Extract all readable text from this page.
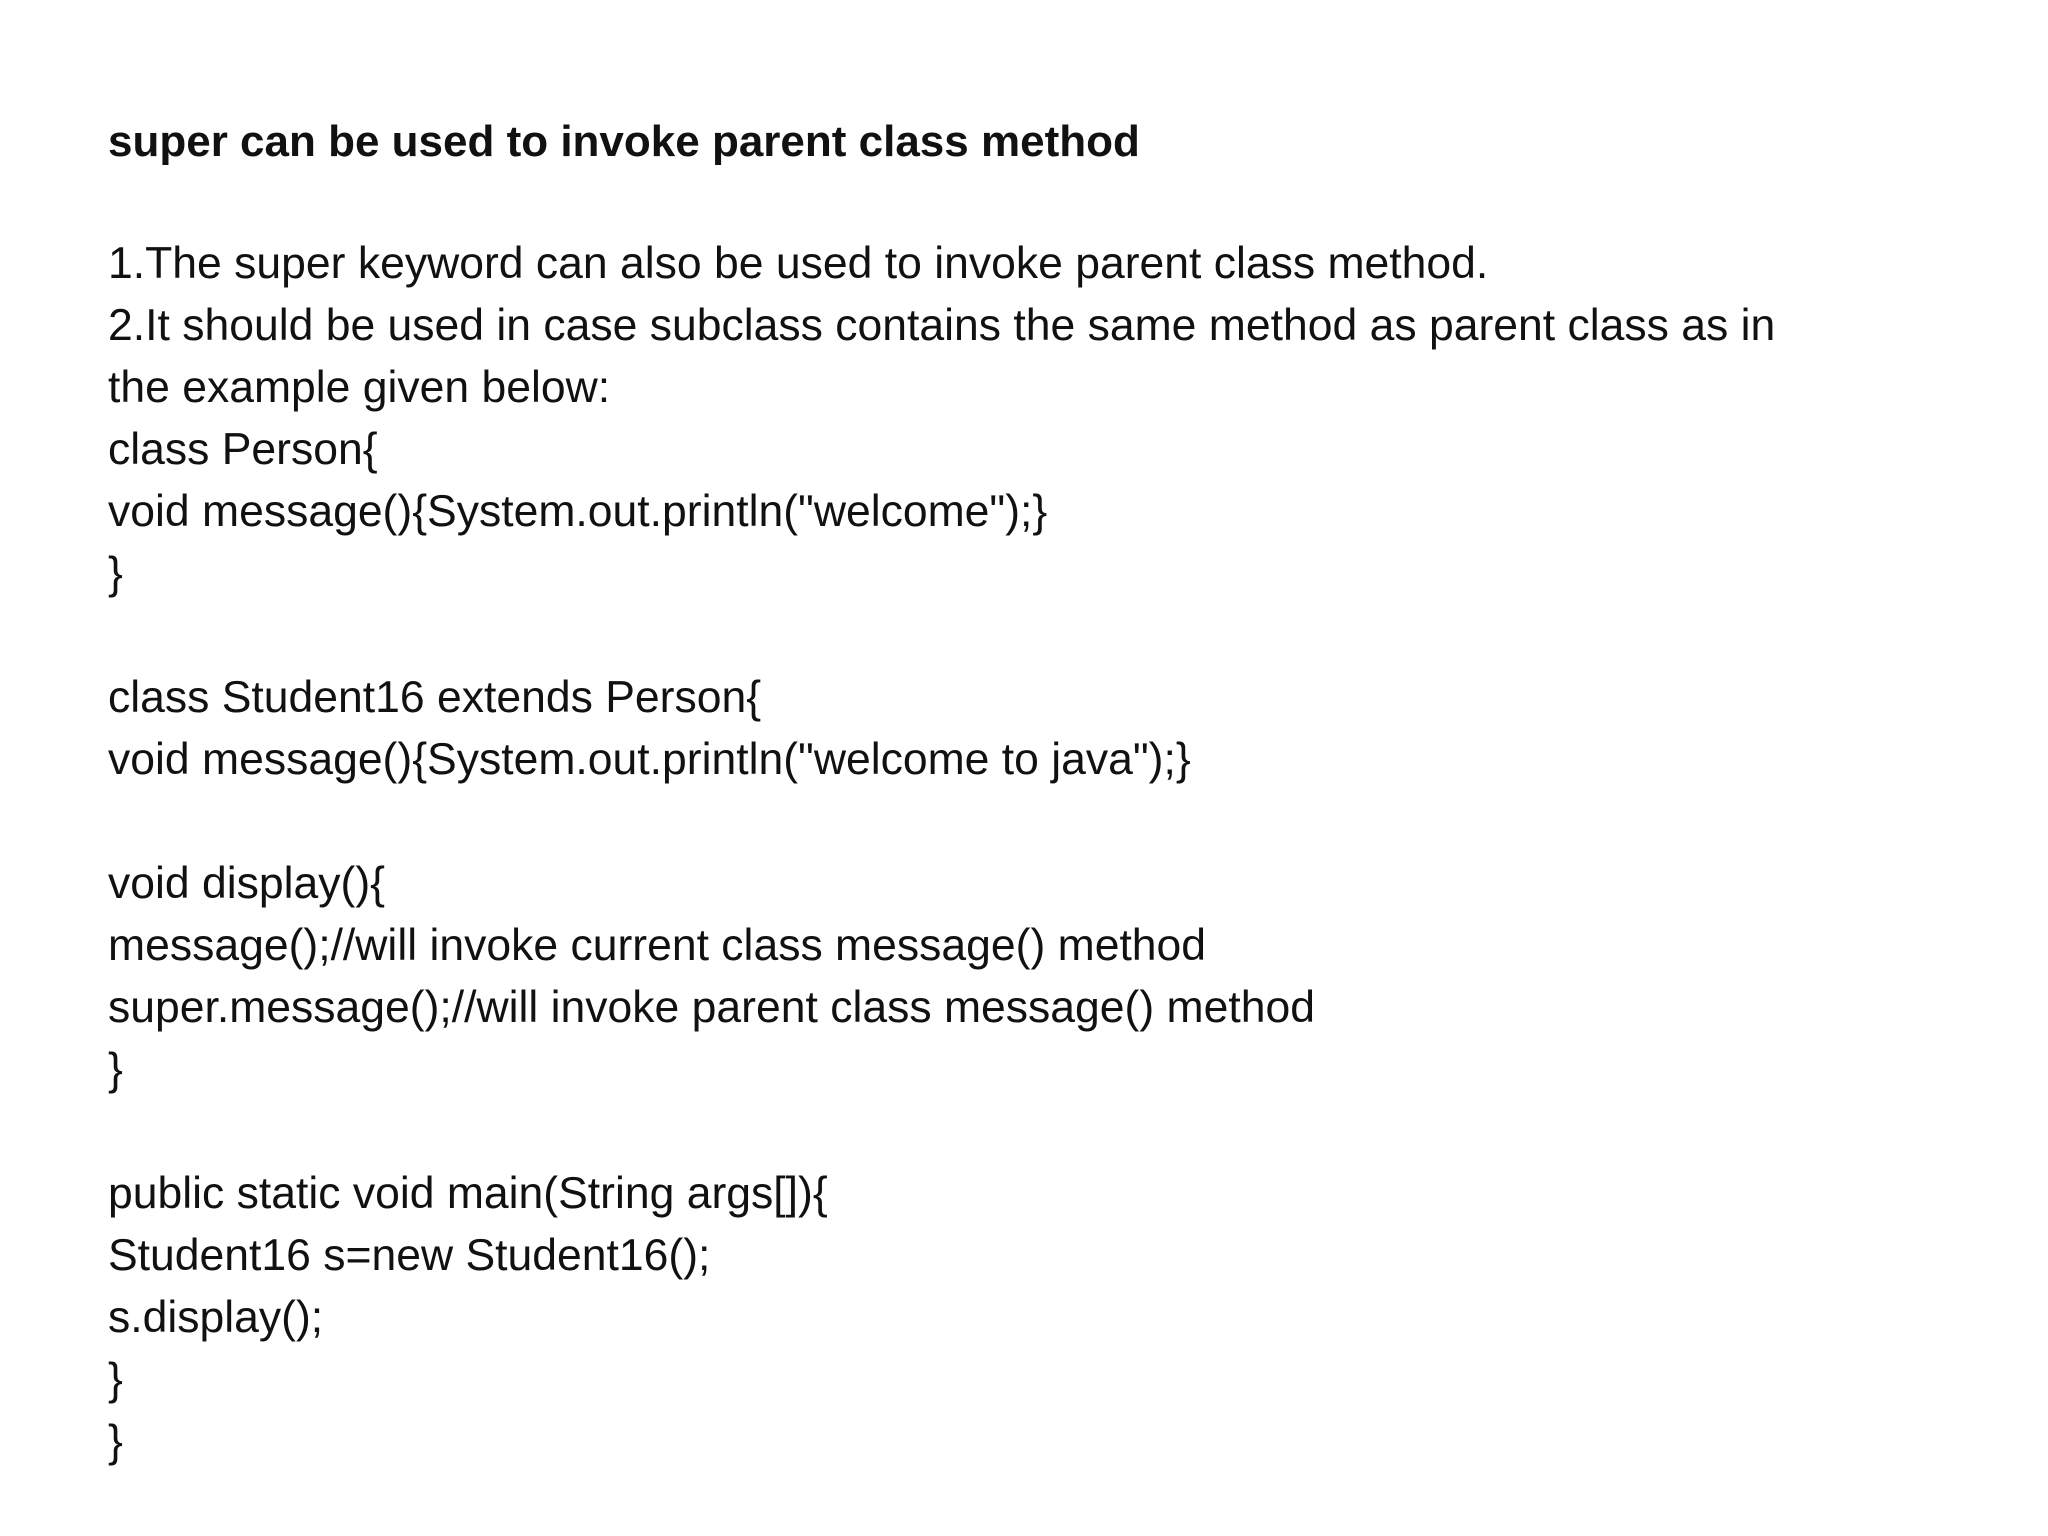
super can be used to invoke parent class method
1.The super keyword can also be used to invoke parent class method.
2.It should be used in case subclass contains the same method as parent class as in
the example given below:
class Person{
void message(){System.out.println("welcome");}
}
class Student16 extends Person{
void message(){System.out.println("welcome to java");}
void display(){
message();//will invoke current class message() method
super.message();//will invoke parent class message() method
}
public static void main(String args[]){
Student16 s=new Student16();
s.display();
}
}
